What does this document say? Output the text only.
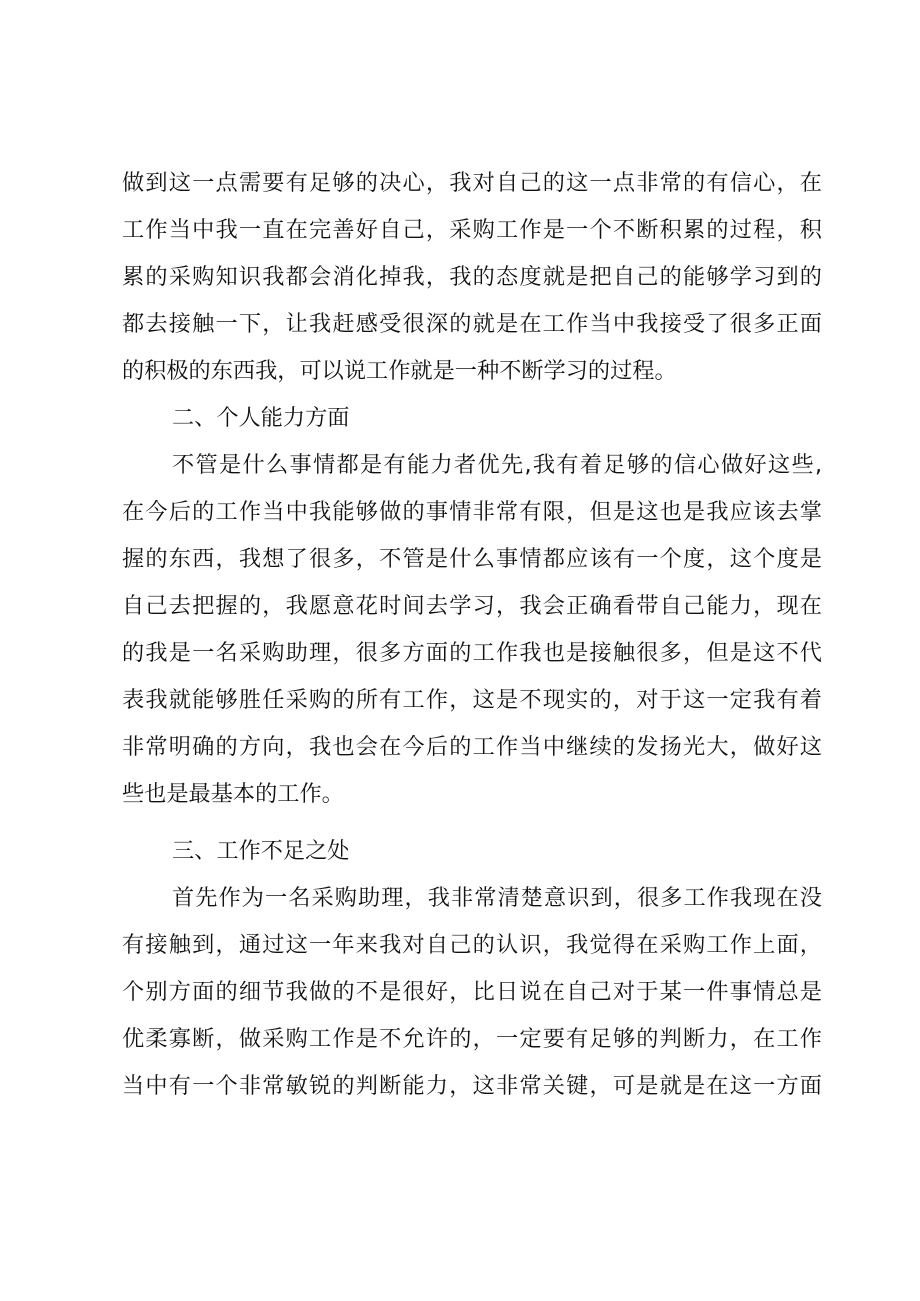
做到这一点需要有足够的决心，我对自己的这一点非常的有信心，在
工作当中我一直在完善好自己，采购工作是一个不断积累的过程，积
累的采购知识我都会消化掉我，我的态度就是把自己的能够学习到的
都去接触一下，让我赶感受很深的就是在工作当中我接受了很多正面
的积极的东西我，可以说工作就是一种不断学习的过程。
二、个人能力方面
不管是什么事情都是有能力者优先,我有着足够的信心做好这些,
在今后的工作当中我能够做的事情非常有限，但是这也是我应该去掌
握的东西，我想了很多，不管是什么事情都应该有一个度，这个度是
自己去把握的，我愿意花时间去学习，我会正确看带自己能力，现在
的我是一名采购助理，很多方面的工作我也是接触很多，但是这不代
表我就能够胜任采购的所有工作，这是不现实的，对于这一定我有着
非常明确的方向，我也会在今后的工作当中继续的发扬光大，做好这
些也是最基本的工作。
三、工作不足之处
首先作为一名采购助理，我非常清楚意识到，很多工作我现在没
有接触到，通过这一年来我对自己的认识，我觉得在采购工作上面，
个别方面的细节我做的不是很好，比日说在自己对于某一件事情总是
优柔寡断，做采购工作是不允许的，一定要有足够的判断力，在工作
当中有一个非常敏锐的判断能力，这非常关键，可是就是在这一方面
